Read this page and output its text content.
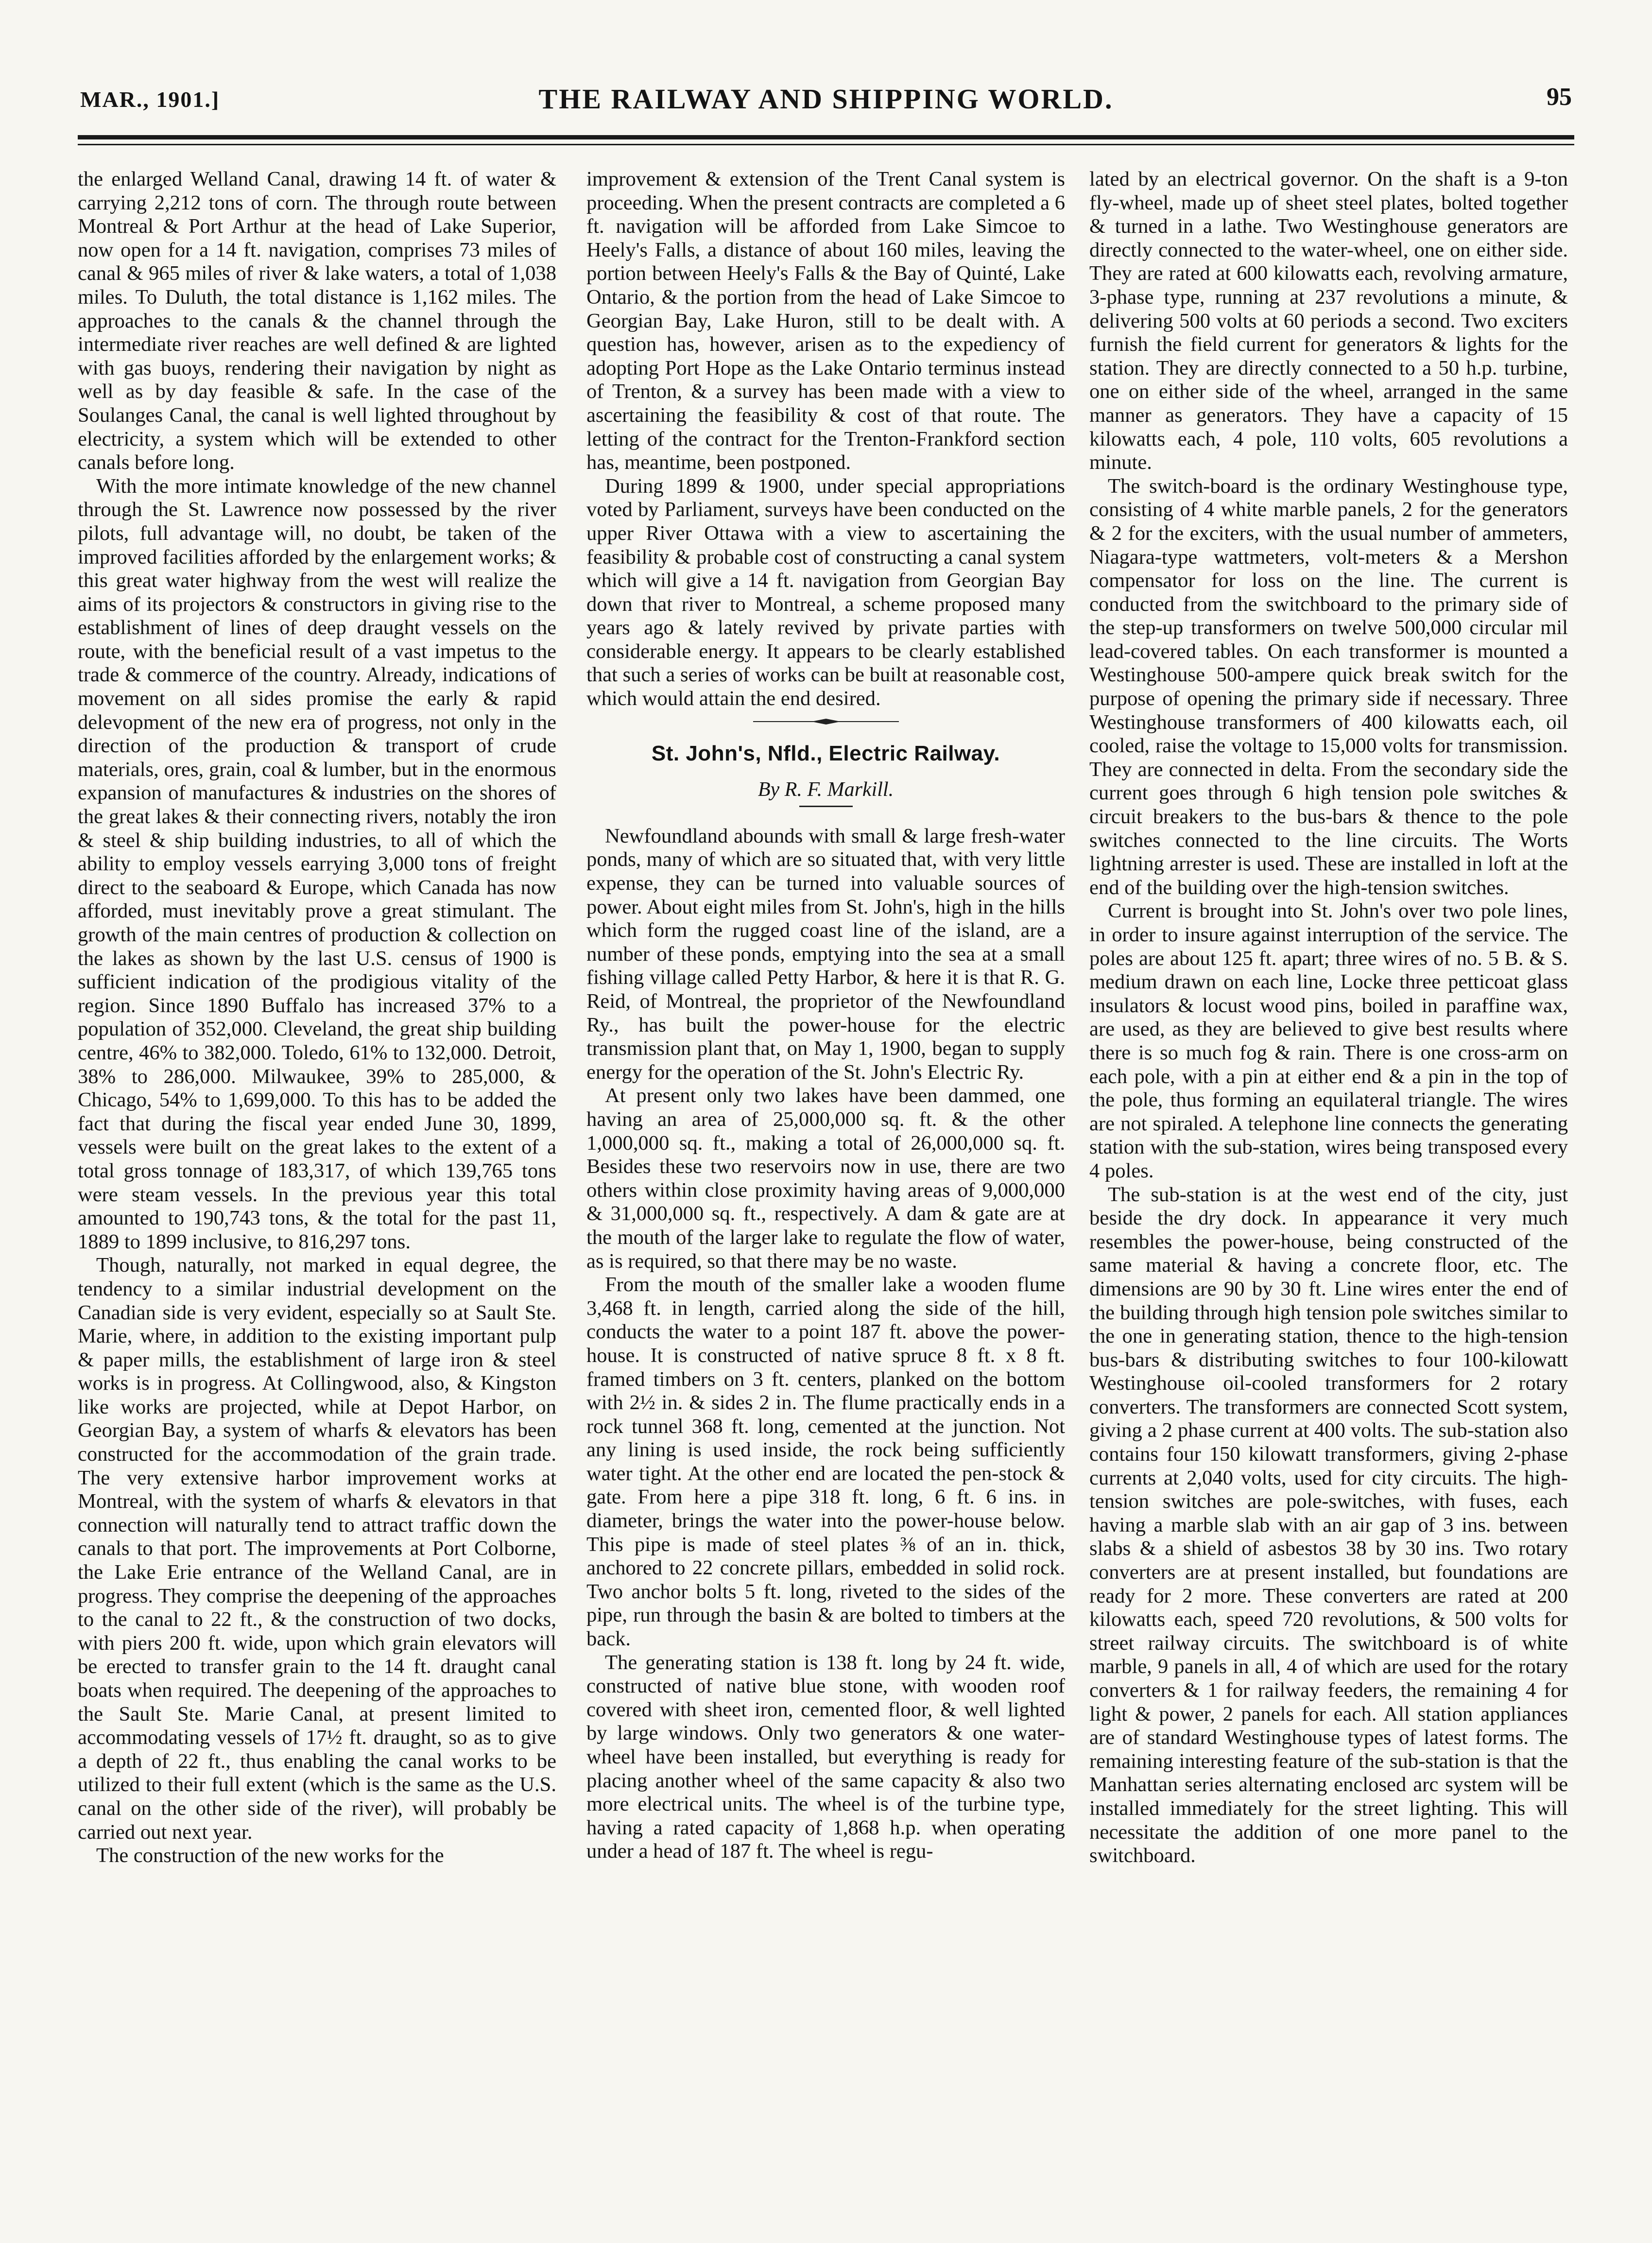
MAR., 1901.]	THE RAILWAY AND SHIPPING WORLD.	95

the enlarged Welland Canal, drawing 14 ft. of water & carrying 2,212 tons of corn. The through route between Montreal & Port Arthur at the head of Lake Superior, now open for a 14 ft. navigation, comprises 73 miles of canal & 965 miles of river & lake waters, a total of 1,038 miles. To Duluth, the total distance is 1,162 miles. The approaches to the canals & the channel through the intermediate river reaches are well defined & are lighted with gas buoys, rendering their navigation by night as well as by day feasible & safe. In the case of the Soulanges Canal, the canal is well lighted throughout by electricity, a system which will be extended to other canals before long.

With the more intimate knowledge of the new channel through the St. Lawrence now possessed by the river pilots, full advantage will, no doubt, be taken of the improved facilities afforded by the enlargement works; & this great water highway from the west will realize the aims of its projectors & constructors in giving rise to the establishment of lines of deep draught vessels on the route, with the beneficial result of a vast impetus to the trade & commerce of the country. Already, indications of movement on all sides promise the early & rapid delevopment of the new era of progress, not only in the direction of the production & transport of crude materials, ores, grain, coal & lumber, but in the enormous expansion of manufactures & industries on the shores of the great lakes & their connecting rivers, notably the iron & steel & ship building industries, to all of which the ability to employ vessels earrying 3,000 tons of freight direct to the seaboard & Europe, which Canada has now afforded, must inevitably prove a great stimulant. The growth of the main centres of production & collection on the lakes as shown by the last U.S. census of 1900 is sufficient indication of the prodigious vitality of the region. Since 1890 Buffalo has increased 37% to a population of 352,000. Cleveland, the great ship building centre, 46% to 382,000. Toledo, 61% to 132,000. Detroit, 38% to 286,000. Milwaukee, 39% to 285,000, & Chicago, 54% to 1,699,000. To this has to be added the fact that during the fiscal year ended June 30, 1899, vessels were built on the great lakes to the extent of a total gross tonnage of 183,317, of which 139,765 tons were steam vessels. In the previous year this total amounted to 190,743 tons, & the total for the past 11, 1889 to 1899 inclusive, to 816,297 tons.

Though, naturally, not marked in equal degree, the tendency to a similar industrial development on the Canadian side is very evident, especially so at Sault Ste. Marie, where, in addition to the existing important pulp & paper mills, the establishment of large iron & steel works is in progress. At Collingwood, also, & Kingston like works are projected, while at Depot Harbor, on Georgian Bay, a system of wharfs & elevators has been constructed for the accommodation of the grain trade. The very extensive harbor improvement works at Montreal, with the system of wharfs & elevators in that connection will naturally tend to attract traffic down the canals to that port. The improvements at Port Colborne, the Lake Erie entrance of the Welland Canal, are in progress. They comprise the deepening of the approaches to the canal to 22 ft., & the construction of two docks, with piers 200 ft. wide, upon which grain elevators will be erected to transfer grain to the 14 ft. draught canal boats when required. The deepening of the approaches to the Sault Ste. Marie Canal, at present limited to accommodating vessels of 17½ ft. draught, so as to give a depth of 22 ft., thus enabling the canal works to be utilized to their full extent (which is the same as the U.S. canal on the other side of the river), will probably be carried out next year.

The construction of the new works for the

improvement & extension of the Trent Canal system is proceeding. When the present contracts are completed a 6 ft. navigation will be afforded from Lake Simcoe to Heely's Falls, a distance of about 160 miles, leaving the portion between Heely's Falls & the Bay of Quinté, Lake Ontario, & the portion from the head of Lake Simcoe to Georgian Bay, Lake Huron, still to be dealt with. A question has, however, arisen as to the expediency of adopting Port Hope as the Lake Ontario terminus instead of Trenton, & a survey has been made with a view to ascertaining the feasibility & cost of that route. The letting of the contract for the Trenton-Frankford section has, meantime, been postponed.

During 1899 & 1900, under special appropriations voted by Parliament, surveys have been conducted on the upper River Ottawa with a view to ascertaining the feasibility & probable cost of constructing a canal system which will give a 14 ft. navigation from Georgian Bay down that river to Montreal, a scheme proposed many years ago & lately revived by private parties with considerable energy. It appears to be clearly established that such a series of works can be built at reasonable cost, which would attain the end desired.

St. John's, Nfld., Electric Railway.
By R. F. Markill.

Newfoundland abounds with small & large fresh-water ponds, many of which are so situated that, with very little expense, they can be turned into valuable sources of power. About eight miles from St. John's, high in the hills which form the rugged coast line of the island, are a number of these ponds, emptying into the sea at a small fishing village called Petty Harbor, & here it is that R. G. Reid, of Montreal, the proprietor of the Newfoundland Ry., has built the power-house for the electric transmission plant that, on May 1, 1900, began to supply energy for the operation of the St. John's Electric Ry.

At present only two lakes have been dammed, one having an area of 25,000,000 sq. ft. & the other 1,000,000 sq. ft., making a total of 26,000,000 sq. ft. Besides these two reservoirs now in use, there are two others within close proximity having areas of 9,000,000 & 31,000,000 sq. ft., respectively. A dam & gate are at the mouth of the larger lake to regulate the flow of water, as is required, so that there may be no waste.

From the mouth of the smaller lake a wooden flume 3,468 ft. in length, carried along the side of the hill, conducts the water to a point 187 ft. above the power-house. It is constructed of native spruce 8 ft. x 8 ft. framed timbers on 3 ft. centers, planked on the bottom with 2½ in. & sides 2 in. The flume practically ends in a rock tunnel 368 ft. long, cemented at the junction. Not any lining is used inside, the rock being sufficiently water tight. At the other end are located the pen-stock & gate. From here a pipe 318 ft. long, 6 ft. 6 ins. in diameter, brings the water into the power-house below. This pipe is made of steel plates ⅜ of an in. thick, anchored to 22 concrete pillars, embedded in solid rock. Two anchor bolts 5 ft. long, riveted to the sides of the pipe, run through the basin & are bolted to timbers at the back.

The generating station is 138 ft. long by 24 ft. wide, constructed of native blue stone, with wooden roof covered with sheet iron, cemented floor, & well lighted by large windows. Only two generators & one water-wheel have been installed, but everything is ready for placing another wheel of the same capacity & also two more electrical units. The wheel is of the turbine type, having a rated capacity of 1,868 h.p. when operating under a head of 187 ft. The wheel is regu-

lated by an electrical governor. On the shaft is a 9-ton fly-wheel, made up of sheet steel plates, bolted together & turned in a lathe. Two Westinghouse generators are directly connected to the water-wheel, one on either side. They are rated at 600 kilowatts each, revolving armature, 3-phase type, running at 237 revolutions a minute, & delivering 500 volts at 60 periods a second. Two exciters furnish the field current for generators & lights for the station. They are directly connected to a 50 h.p. turbine, one on either side of the wheel, arranged in the same manner as generators. They have a capacity of 15 kilowatts each, 4 pole, 110 volts, 605 revolutions a minute.

The switch-board is the ordinary Westinghouse type, consisting of 4 white marble panels, 2 for the generators & 2 for the exciters, with the usual number of ammeters, Niagara-type wattmeters, volt-meters & a Mershon compensator for loss on the line. The current is conducted from the switchboard to the primary side of the step-up transformers on twelve 500,000 circular mil lead-covered tables. On each transformer is mounted a Westinghouse 500-ampere quick break switch for the purpose of opening the primary side if necessary. Three Westinghouse transformers of 400 kilowatts each, oil cooled, raise the voltage to 15,000 volts for transmission. They are connected in delta. From the secondary side the current goes through 6 high tension pole switches & circuit breakers to the bus-bars & thence to the pole switches connected to the line circuits. The Worts lightning arrester is used. These are installed in loft at the end of the building over the high-tension switches.

Current is brought into St. John's over two pole lines, in order to insure against interruption of the service. The poles are about 125 ft. apart; three wires of no. 5 B. & S. medium drawn on each line, Locke three petticoat glass insulators & locust wood pins, boiled in paraffine wax, are used, as they are believed to give best results where there is so much fog & rain. There is one cross-arm on each pole, with a pin at either end & a pin in the top of the pole, thus forming an equilateral triangle. The wires are not spiraled. A telephone line connects the generating station with the sub-station, wires being transposed every 4 poles.

The sub-station is at the west end of the city, just beside the dry dock. In appearance it very much resembles the power-house, being constructed of the same material & having a concrete floor, etc. The dimensions are 90 by 30 ft. Line wires enter the end of the building through high tension pole switches similar to the one in generating station, thence to the high-tension bus-bars & distributing switches to four 100-kilowatt Westinghouse oil-cooled transformers for 2 rotary converters. The transformers are connected Scott system, giving a 2 phase current at 400 volts. The sub-station also contains four 150 kilowatt transformers, giving 2-phase currents at 2,040 volts, used for city circuits. The high-tension switches are pole-switches, with fuses, each having a marble slab with an air gap of 3 ins. between slabs & a shield of asbestos 38 by 30 ins. Two rotary converters are at present installed, but foundations are ready for 2 more. These converters are rated at 200 kilowatts each, speed 720 revolutions, & 500 volts for street railway circuits. The switchboard is of white marble, 9 panels in all, 4 of which are used for the rotary converters & 1 for railway feeders, the remaining 4 for light & power, 2 panels for each. All station appliances are of standard Westinghouse types of latest forms. The remaining interesting feature of the sub-station is that the Manhattan series alternating enclosed arc system will be installed immediately for the street lighting. This will necessitate the addition of one more panel to the switchboard.
